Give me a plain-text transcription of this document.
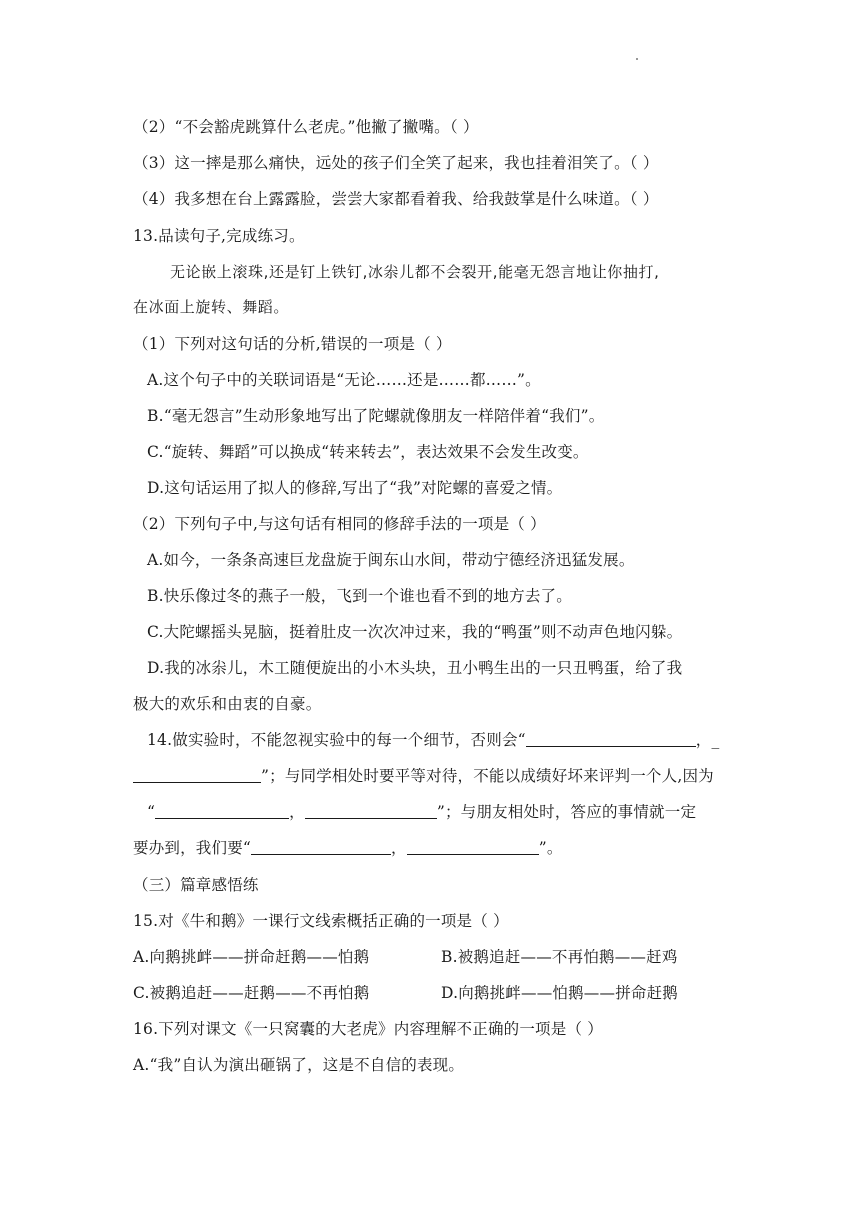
（2）“不会豁虎跳算什么老虎。”他撇了撇嘴。（ ）
（3）这一摔是那么痛快，远处的孩子们全笑了起来，我也挂着泪笑了。（ ）
（4）我多想在台上露露脸，尝尝大家都看着我、给我鼓掌是什么味道。（ ）
13.品读句子,完成练习。
无论嵌上滚珠,还是钉上铁钉,冰尜儿都不会裂开,能毫无怨言地让你抽打,
在冰面上旋转、舞蹈。
（1）下列对这句话的分析,错误的一项是（ ）
A.这个句子中的关联词语是“无论……还是……都……”。
B.“毫无怨言”生动形象地写出了陀螺就像朋友一样陪伴着“我们”。
C.“旋转、舞蹈”可以换成“转来转去”，表达效果不会发生改变。
D.这句话运用了拟人的修辞,写出了“我”对陀螺的喜爱之情。
（2）下列句子中,与这句话有相同的修辞手法的一项是（ ）
A.如今，一条条高速巨龙盘旋于闽东山水间，带动宁德经济迅猛发展。
B.快乐像过冬的燕子一般，飞到一个谁也看不到的地方去了。
C.大陀螺摇头晃脑，挺着肚皮一次次冲过来，我的“鸭蛋”则不动声色地闪躲。
D.我的冰尜儿，木工随便旋出的小木头块，丑小鸭生出的一只丑鸭蛋，给了我
极大的欢乐和由衷的自豪。
14.做实验时，不能忽视实验中的每一个细节，否则会“	，_
”；与同学相处时要平等对待，不能以成绩好坏来评判一个人,因为
“	，	”；与朋友相处时，答应的事情就一定
要办到，我们要“	，	”。
（三）篇章感悟练
15.对《牛和鹅》一课行文线索概括正确的一项是（ ）
A.向鹅挑衅——拼命赶鹅——怕鹅	B.被鹅追赶——不再怕鹅——赶鸡
C.被鹅追赶——赶鹅——不再怕鹅	D.向鹅挑衅——怕鹅——拼命赶鹅
16.下列对课文《一只窝囊的大老虎》内容理解不正确的一项是（ ）
A.“我”自认为演出砸锅了，这是不自信的表现。
